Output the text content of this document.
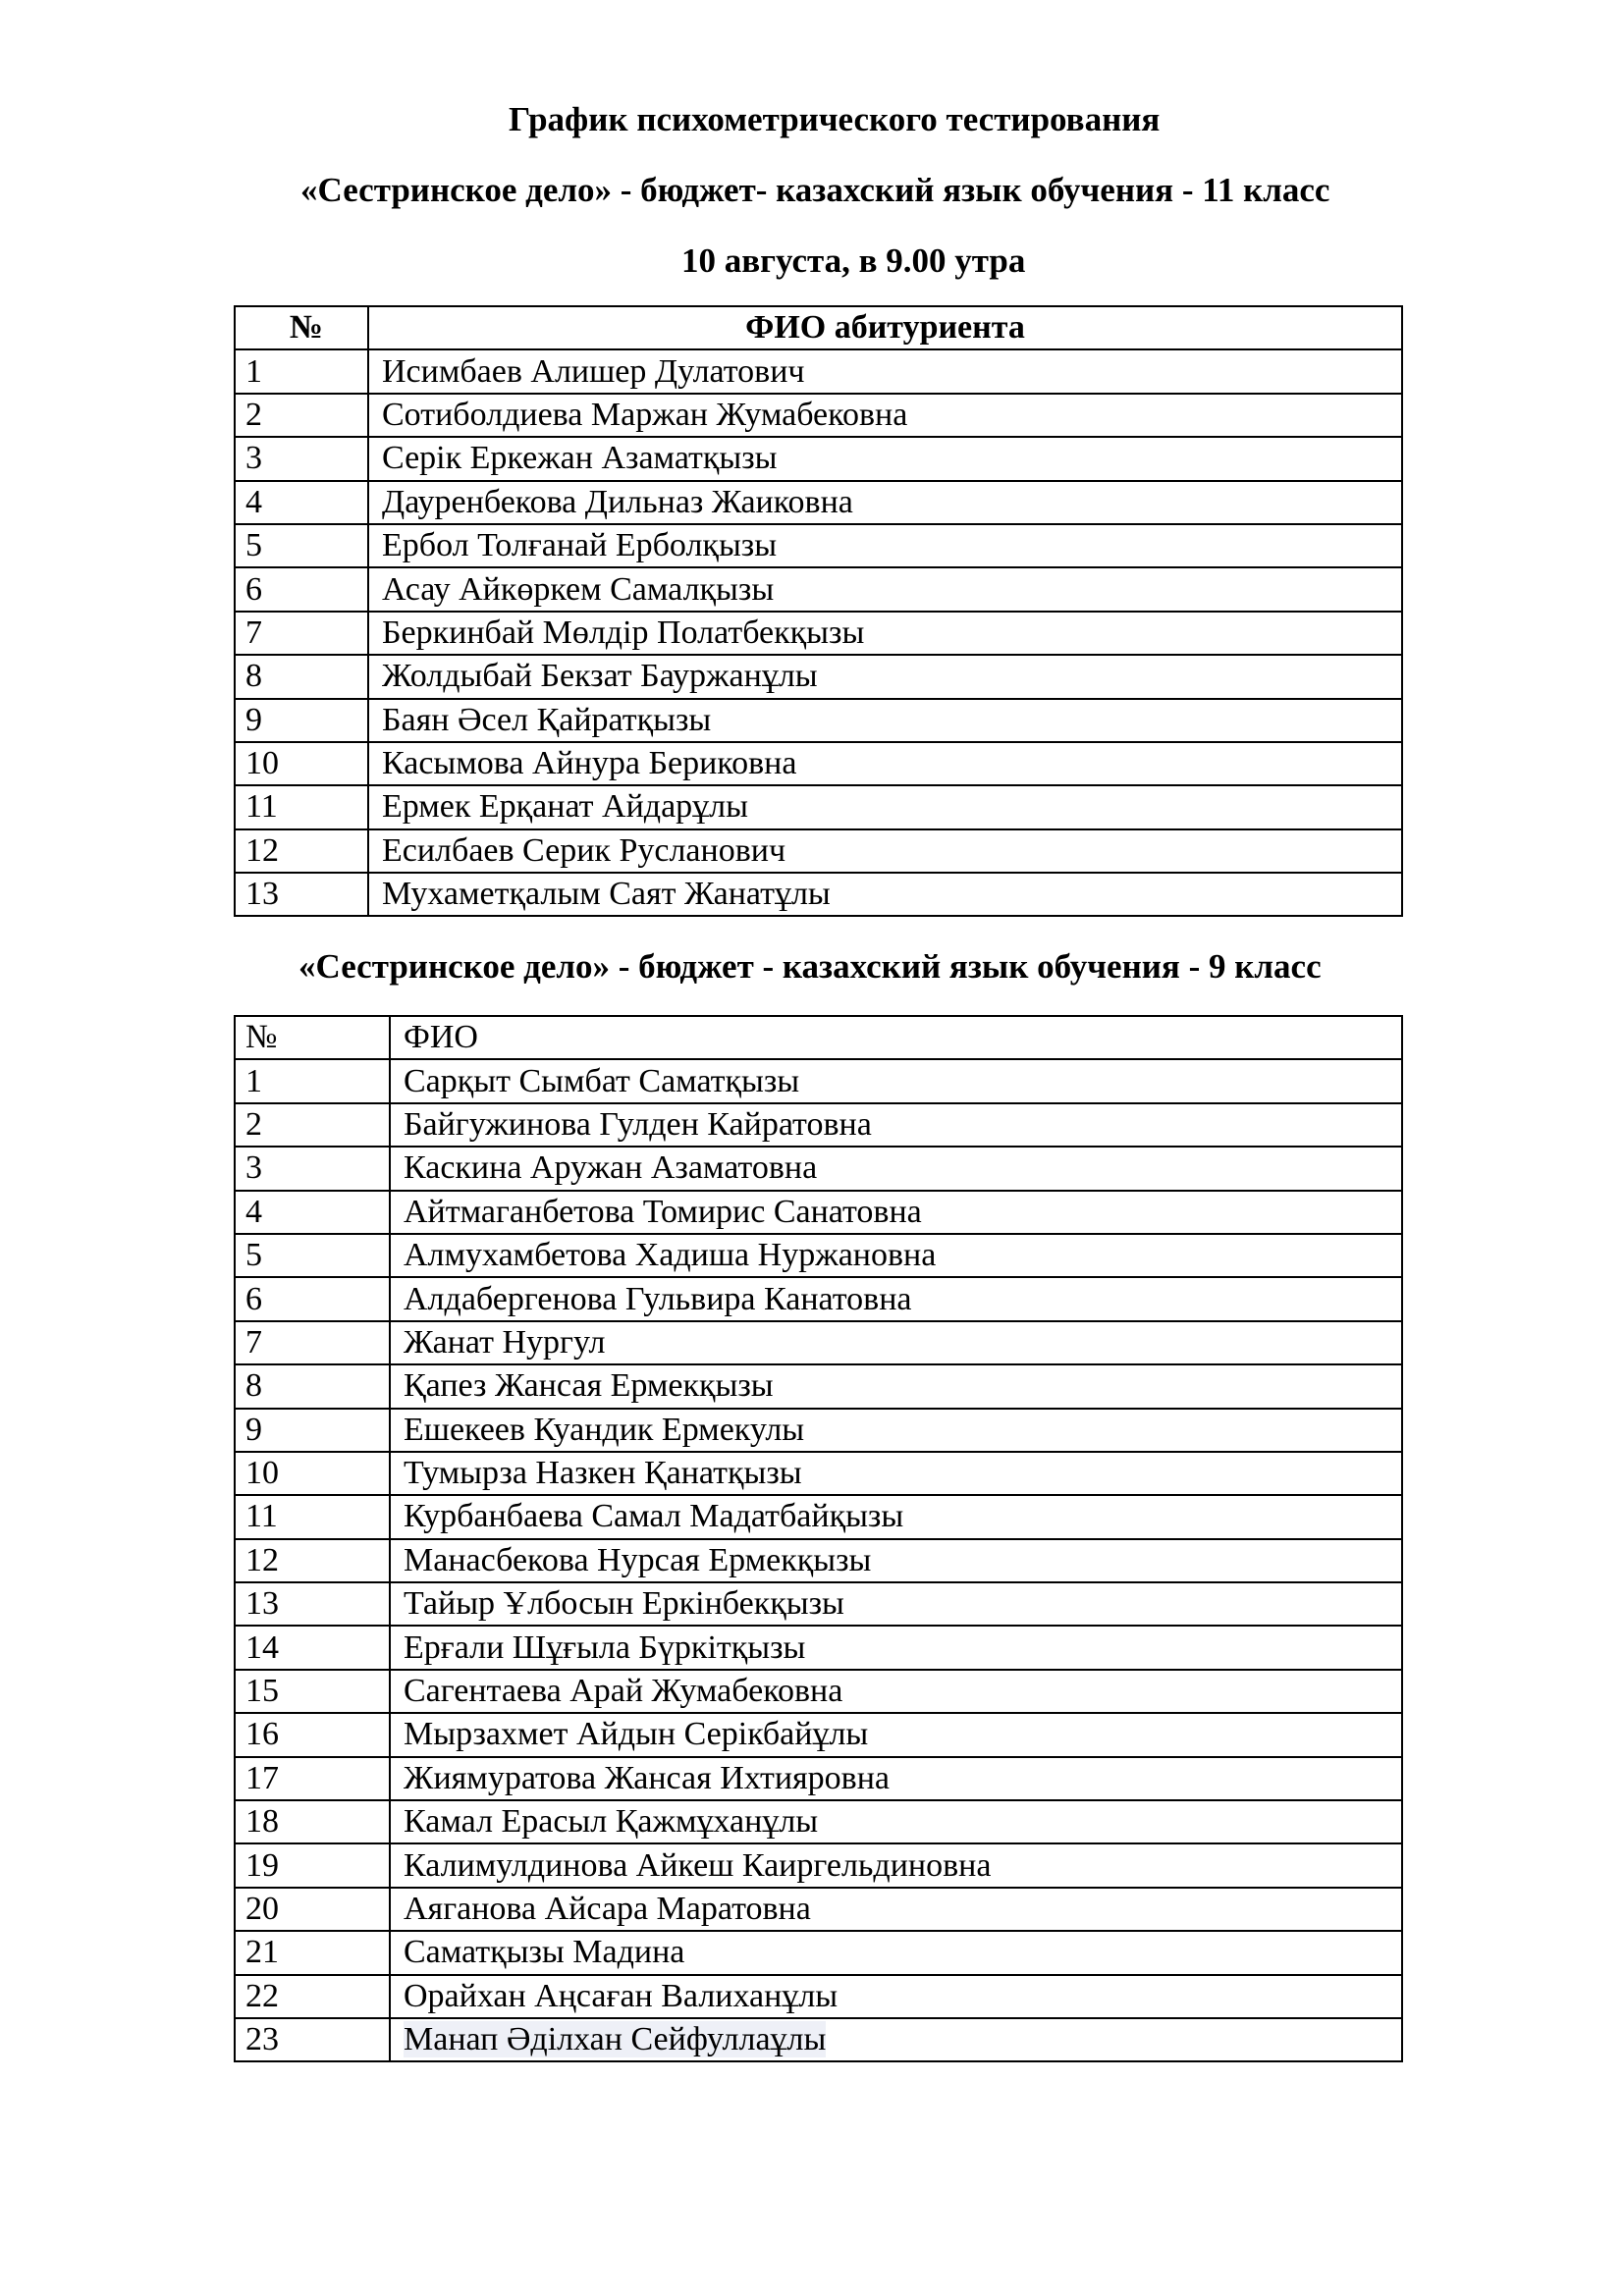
График психометрического тестирования

«Сестринское дело» - бюджет- казахский язык обучения - 11 класс

10 августа, в 9.00 утра

№	ФИО абитуриента
1	Исимбаев Алишер Дулатович
2	Сотиболдиева Маржан Жумабековна
3	Серік Еркежан Азаматқызы
4	Дауренбекова Дильназ Жаиковна
5	Ербол Толғанай Ерболқызы
6	Асау Айкөркем Самалқызы
7	Беркинбай Мөлдір Полатбекқызы
8	Жолдыбай Бекзат Бауржанұлы
9	Баян Әсел Қайратқызы
10	Касымова Айнура Бериковна
11	Ермек Ерқанат Айдарұлы
12	Есилбаев Серик Русланович
13	Мухаметқалым Саят Жанатұлы

«Сестринское дело» - бюджет - казахский язык обучения - 9 класс

№	ФИО
1	Сарқыт Сымбат Саматқызы
2	Байгужинова Гулден Кайратовна
3	Каскина Аружан Азаматовна
4	Айтмаганбетова Томирис Санатовна
5	Алмухамбетова Хадиша Нуржановна
6	Алдабергенова Гульвира Канатовна
7	Жанат Нургул
8	Қапез Жансая Ермекқызы
9	Ешекеев Куандик Ермекулы
10	Тумырза Назкен Қанатқызы
11	Курбанбаева Самал Мадатбайқызы
12	Манасбекова Нурсая Ермекқызы
13	Тайыр Ұлбосын Еркінбекқызы
14	Ерғали Шұғыла Бүркітқызы
15	Сагентаева Арай Жумабековна
16	Мырзахмет Айдын Серікбайұлы
17	Жиямуратова Жансая Ихтияровна
18	Камал Ерасыл Қажмұханұлы
19	Калимулдинова Айкеш Каиргельдиновна
20	Аяганова Айсара Маратовна
21	Саматқызы Мадина
22	Орайхан Аңсаған Валиханұлы
23	Манап Әділхан Сейфуллаұлы
